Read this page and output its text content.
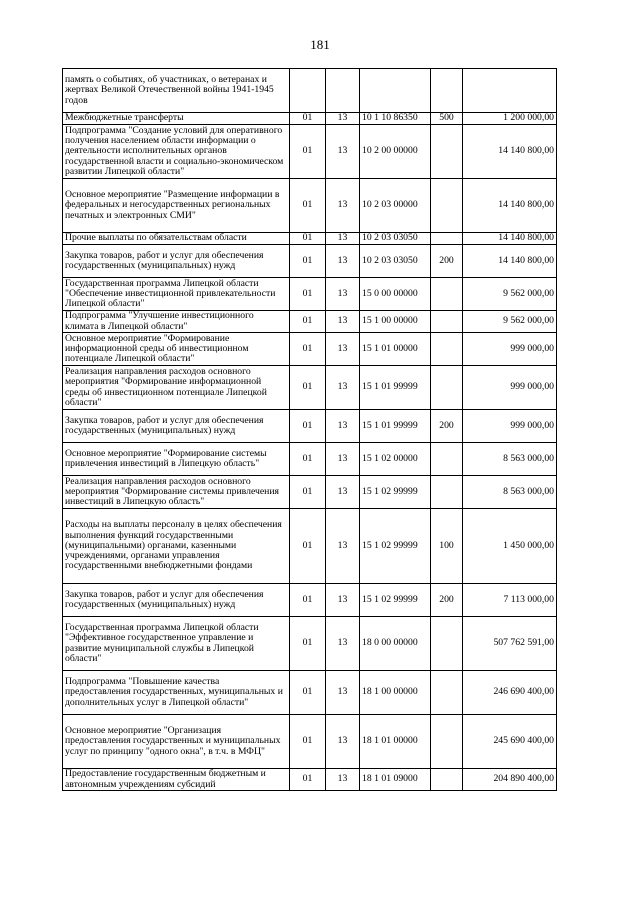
181
память о событиях, об участниках, о ветеранах и жертвах Великой Отечественной войны 1941-1945 годов					
Межбюджетные трансферты	01	13	10 1 10 86350	500	1 200 000,00
Подпрограмма "Создание условий для оперативного получения населением области информации о деятельности исполнительных органов государственной власти и социально-экономическом развитии Липецкой области"	01	13	10 2 00 00000		14 140 800,00
Основное мероприятие "Размещение информации в федеральных и негосударственных региональных печатных и электронных СМИ"	01	13	10 2 03 00000		14 140 800,00
Прочие выплаты по обязательствам области	01	13	10 2 03 03050		14 140 800,00
Закупка товаров, работ и услуг для обеспечения государственных (муниципальных) нужд	01	13	10 2 03 03050	200	14 140 800,00
Государственная программа Липецкой области "Обеспечение инвестиционной привлекательности Липецкой области"	01	13	15 0 00 00000		9 562 000,00
Подпрограмма "Улучшение инвестиционного климата в Липецкой области"	01	13	15 1 00 00000		9 562 000,00
Основное мероприятие "Формирование информационной среды об инвестиционном потенциале Липецкой области"	01	13	15 1 01 00000		999 000,00
Реализация направления расходов основного мероприятия "Формирование информационной среды об инвестиционном потенциале Липецкой области"	01	13	15 1 01 99999		999 000,00
Закупка товаров, работ и услуг для обеспечения государственных (муниципальных) нужд	01	13	15 1 01 99999	200	999 000,00
Основное мероприятие "Формирование системы привлечения инвестиций в Липецкую область"	01	13	15 1 02 00000		8 563 000,00
Реализация направления расходов основного мероприятия "Формирование системы привлечения инвестиций в Липецкую область"	01	13	15 1 02 99999		8 563 000,00
Расходы на выплаты персоналу в целях обеспечения выполнения функций государственными (муниципальными) органами, казенными учреждениями, органами управления государственными внебюджетными фондами	01	13	15 1 02 99999	100	1 450 000,00
Закупка товаров, работ и услуг для обеспечения государственных (муниципальных) нужд	01	13	15 1 02 99999	200	7 113 000,00
Государственная программа Липецкой области "Эффективное государственное управление и развитие муниципальной службы в Липецкой области"	01	13	18 0 00 00000		507 762 591,00
Подпрограмма "Повышение качества предоставления государственных, муниципальных и дополнительных услуг в Липецкой области"	01	13	18 1 00 00000		246 690 400,00
Основное мероприятие "Организация предоставления государственных и муниципальных услуг по принципу "одного окна", в т.ч. в МФЦ"	01	13	18 1 01 00000		245 690 400,00
Предоставление государственным бюджетным и автономным учреждениям субсидий	01	13	18 1 01 09000		204 890 400,00
